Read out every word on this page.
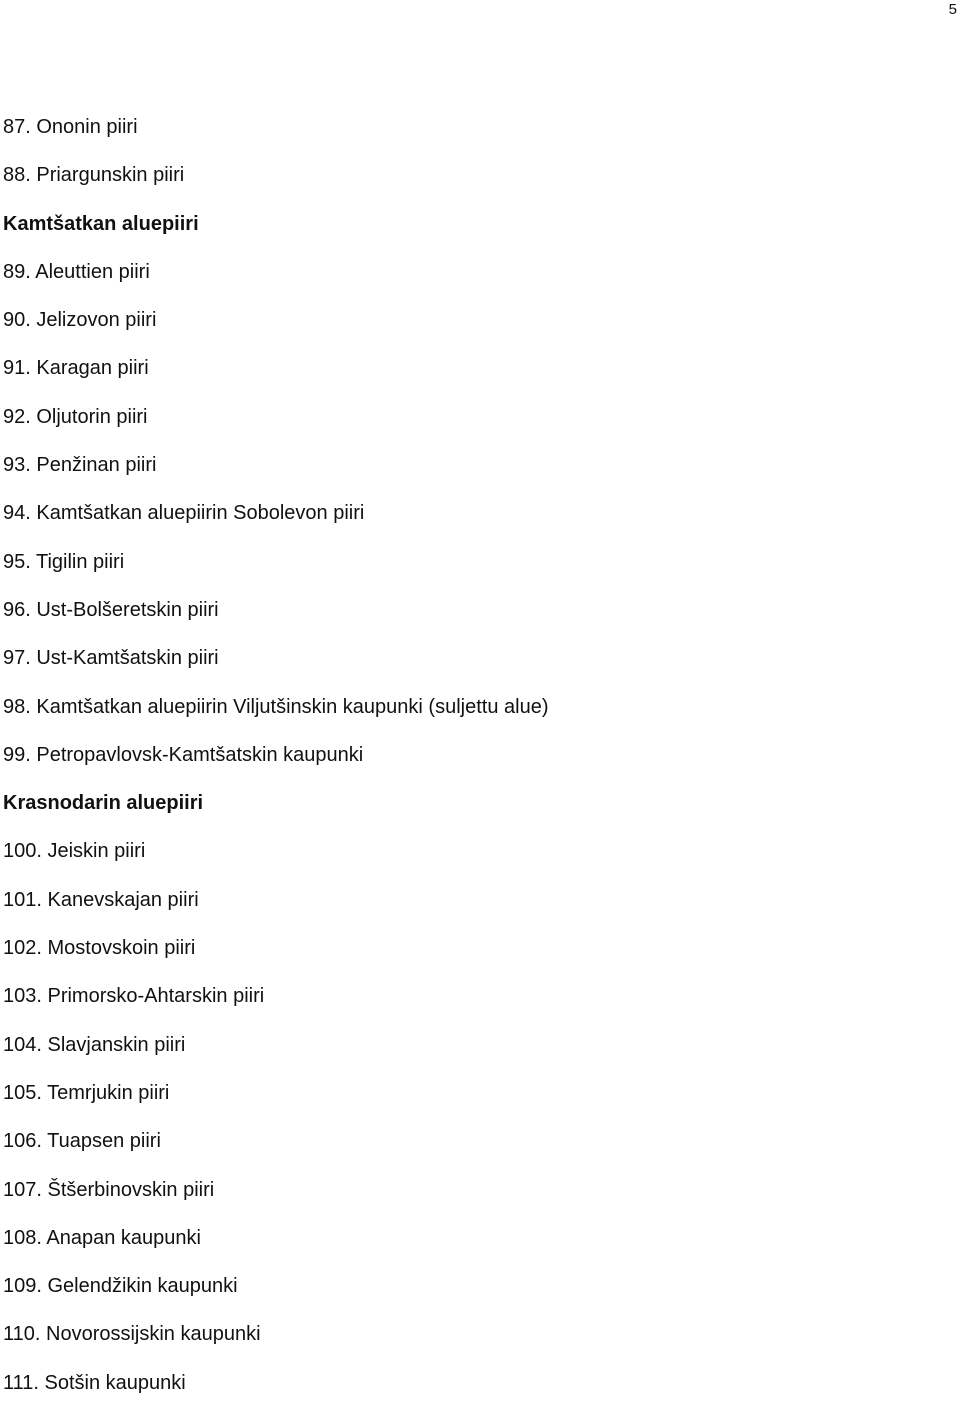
5
87. Ononin piiri
88. Priargunskin piiri
Kamtšatkan aluepiiri
89. Aleuttien piiri
90. Jelizovon piiri
91. Karagan piiri
92. Oljutorin piiri
93. Penžinan piiri
94. Kamtšatkan aluepiirin Sobolevon piiri
95. Tigilin piiri
96. Ust-Bolšeretskin piiri
97. Ust-Kamtšatskin piiri
98. Kamtšatkan aluepiirin Viljutšinskin kaupunki (suljettu alue)
99. Petropavlovsk-Kamtšatskin kaupunki
Krasnodarin aluepiiri
100. Jeiskin piiri
101. Kanevskajan piiri
102. Mostovskoin piiri
103. Primorsko-Ahtarskin piiri
104. Slavjanskin piiri
105. Temrjukin piiri
106. Tuapsen piiri
107. Štšerbinovskin piiri
108. Anapan kaupunki
109. Gelendžikin kaupunki
110. Novorossijskin kaupunki
111. Sotšin kaupunki
